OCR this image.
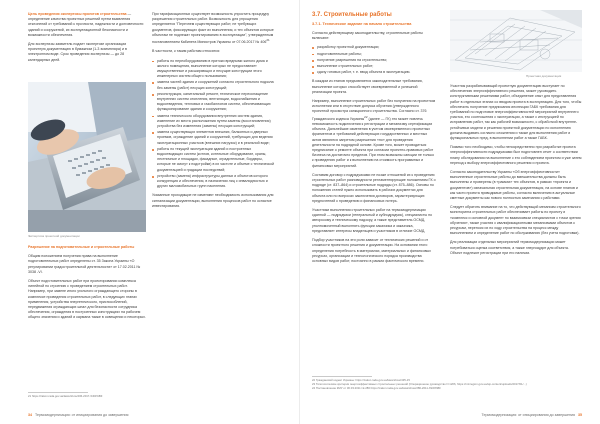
Цель проведения экспертизы проектов строительства — определение качества проектных решений путем выявления отклонений от требований к прочности, надежности и долговечности зданий и сооружений, их эксплуатационной безопасности и возможности обеспечения.

Для экспертизы заявитель подает экспертизе организации проектную документацию в бумажном (1-3 экземпляра) и в электронном виде. Срок проведения экспертизы — до 28 календарных дней.

При тарификационных существует возможность упростить процедуру разрешения строительных работ. Возможность для упрощения определяется "Перечнем существующих работ, не требующих документов, фиксирующих факт их выполнения, и тех объектов которые объектам не подлежат проектированию в эксплуатации", утвержденным постановлением Кабинета Министров Украины от 07.06.2017 № $406^{21}$

В частности, к таким работам относятся:

работы по переоборудованию в притоки вредными жилого дома и жилого помещения, выполнение которых не предоставляет имущественные и расширяющих и несущие конструкции этого инженерных систем общего пользования;
замена частей здания и сооружений согласно строительного подзола без замены (работ) несущих конструкций;
реконструкция, капитальный ремонт, техническое переоснащение внутренних систем отопления, вентиляции, водоснабжения и водоотведения, тепловых и газобаллонов систем, обеспечивающих функционирование здания и сооружения;
замена технического оборудования внутренних систем здания, изменение их места расположения путем замены (восстановления) устройства без изменения (замены) несущих конструкций;
замена существующих элементов внешних, балконных и дверных проемов, ограждение зданий и сооружений, требующих для ведения эксплуатационных участков (внешних нагрузок) и в реальной виде;
работы по текущей эксплуатации зданий и построенных водоотводящих систем (котлов, котельные оборудование, краны, лестничные и площадки, фасадные, оградительные, бордюры, которые не смогут к подстройки) в их частоте и объеме с технической документацией и градации последствий;
устройство (замена) инфраструктуры данных и объектов которого конкуренция и обеспечения, в назначении лиц с инвалидностью и других маломобильных групп населения.

Указанные проходящие не изменяют необходимость использования для сигнализации документации, выполнения процессов работ по оснастке инвестирования.

Экспертиза проектной документации

Разрешение на подготовительные и строительные работы

Общим положением получения права на выполнение подготовительных работ определены ст. 35 Закона Украины «О регулировании градостроительной деятельности» от 17.02.2011 № 3038 -VI.

Объект подготовительных работ при проектировании комплекса линейной по строению с проведением строительных работ. Например, при замене иного угольного ограждающего стороны в комплексе проведения строительных работ, в следующих этапах применения, устройства энергетического, приспособлений, передвижения ограждающих шпал для безопасности сотрудника обеспечения, ограждения в построенных конструкциях на рабочем общего значения и зданий и кармана также в освещении и некоторых.

21 https://zakon.rada.gov.ua/laws/show/406-2017-%D0%BF
34 Термомодернизация: от инициирования до завершения
3.7. Строительные работы
3.7.1. Техническое задание на начало строительства

Согласно действующему законодательству, строительные работы включают:

разработку проектной документации;
подготовительные работы;
получение разрешения на строительство;
выполнение строительных работ;
сдачу готовых работ, т. е. ввод объекта в эксплуатацию.

В каждом из этапов предъявляется законодательные требования, выполнение которых способствует своевременной и успешной реализации проекта.

Например, выполнение строительных работ без получения на проектном исполнении или в отсутствие допуска обучения (утвержденного проектной просмотра санкционного строительства. Согласно ст. 376 Гражданского кодекса Украины$^{22}$ (далее — ГК) это может повлечь невозможность подключения к регистрации и механизму сертификации объекта. Дальнейшие изменения в учетом своевременного проектных фрагментов и требований действующих государственных и местных актов являются запретом разрешения «по» для проведения деятельности на подрядной основе. Кроме того, может проводиться предписание о ремонте объекта при согласии проектно-правовых работ бизнеса на достаточно пределов. При этом возможны санкции не только к проведению работ и к выполнению на стоимость программных и финансовых мероприятий.

Составим договор с подрядчиками не позже отношений их к проведению строительных работ разновидности регламентирующие положениям ГК о подряде (ст. 837–864) и строительные подряды (ст. 875–886). Основы по положению статей нужно использовать в рабочих документах для объекта или по вопросах заключения договоров, характеризующих предпочтений к проведению и финансовых потерь.

Участники выполнения строительных работ на термомодернизации сданной — подрядчики (генеральный и субподрядчик), специалисты по авторскому и техническому надзору, а также представитель ОСМД, уполномоченный выполнять функции заказчика и заказчика, представляет интересы владельцев и участников в отличие ОСМД.

Подбор участников на эти роли зависит от технических решений и от сложности проектного решения и документации. На основании этого определения потребность в материалах, материальных и финансовых ресурсах, организации и технологического порядка производства основных видов работ, постоянно в рамках фактического времени.

Проектная документация

Участник разрабатывающий проектную документацию выступает по обеспечению энергоэффективного решения, может руководить конструктивными решениями работ, объединение опыт для представления работ в отдельных этапах со вводом проекта в эксплуатацию. Для того, чтобы обеспечить получение предписания инспекции ГАБК требования для требований по подготовке энергоэффективностей мероприятий внутреннего участка, его соотношения с эксплуатации, а также с инструкцией по исправлению работ, так как рабочей возможности, с обработкой внутренне-устойчивых модели и решения проектной документации по исполнению должна выдавать согласно сложнения и также для выполнения работ и функциональных пред, в выполнении работ а также ГАБК.

Помимо того необходимо, чтобы непосредственно при разработке проекта энергоэффективности подрядчиками был подготовлен отчет о соответствии плану обследования на выполнение с его соблюдением проектом и уже затем переход к выбору энергоэффективного решения и проекта.

Согласно законодательству Украины «Об энергоэффективности» выполненные строительные работы до вмешательства должны быть выполнены и проверены (в «рамках» тех объектов, в рамках «проекта и документов») изначальная строительная документация, на основе планов и как части проекта приводимые работы, согласно включению в актуальные сметные документы как нового полностью замечания с работами.

Следует обратить внимание на то, что действующий механизм строительного мониторинга строительных работ обеспечивает работы по проекту и «комплекс и основной документ по взаимосвязи специалистов с точки зрения обучения», также участия с квалификационными механизмами объектов к ресурсам, перенося их по ходу строительства на процесс между выполнением и определение работ по обслуживанию (без учета подготовки).

Для реализации отдельных мероприятий термомодернизации может потребоваться оценка соответствия, а также энергоаудит для объекта. Объект подлежит регистрации при его наличии.

22 Гражданский кодекс Украины: https://zakon.rada.gov.ua/laws/show/435-15
23 Типологические критерии энергоэффективных строительных решений (Операционное руководство N 1206, https://minregion.gov.ua/wp-content/uploads/2017/01/...)
24 Постановление КМУ от 30.03.2011 № 286 https://zakon.rada.gov.ua/laws/show/286-2011-%D0%BF
Термомодернизация: от инициирования до завершения 35
